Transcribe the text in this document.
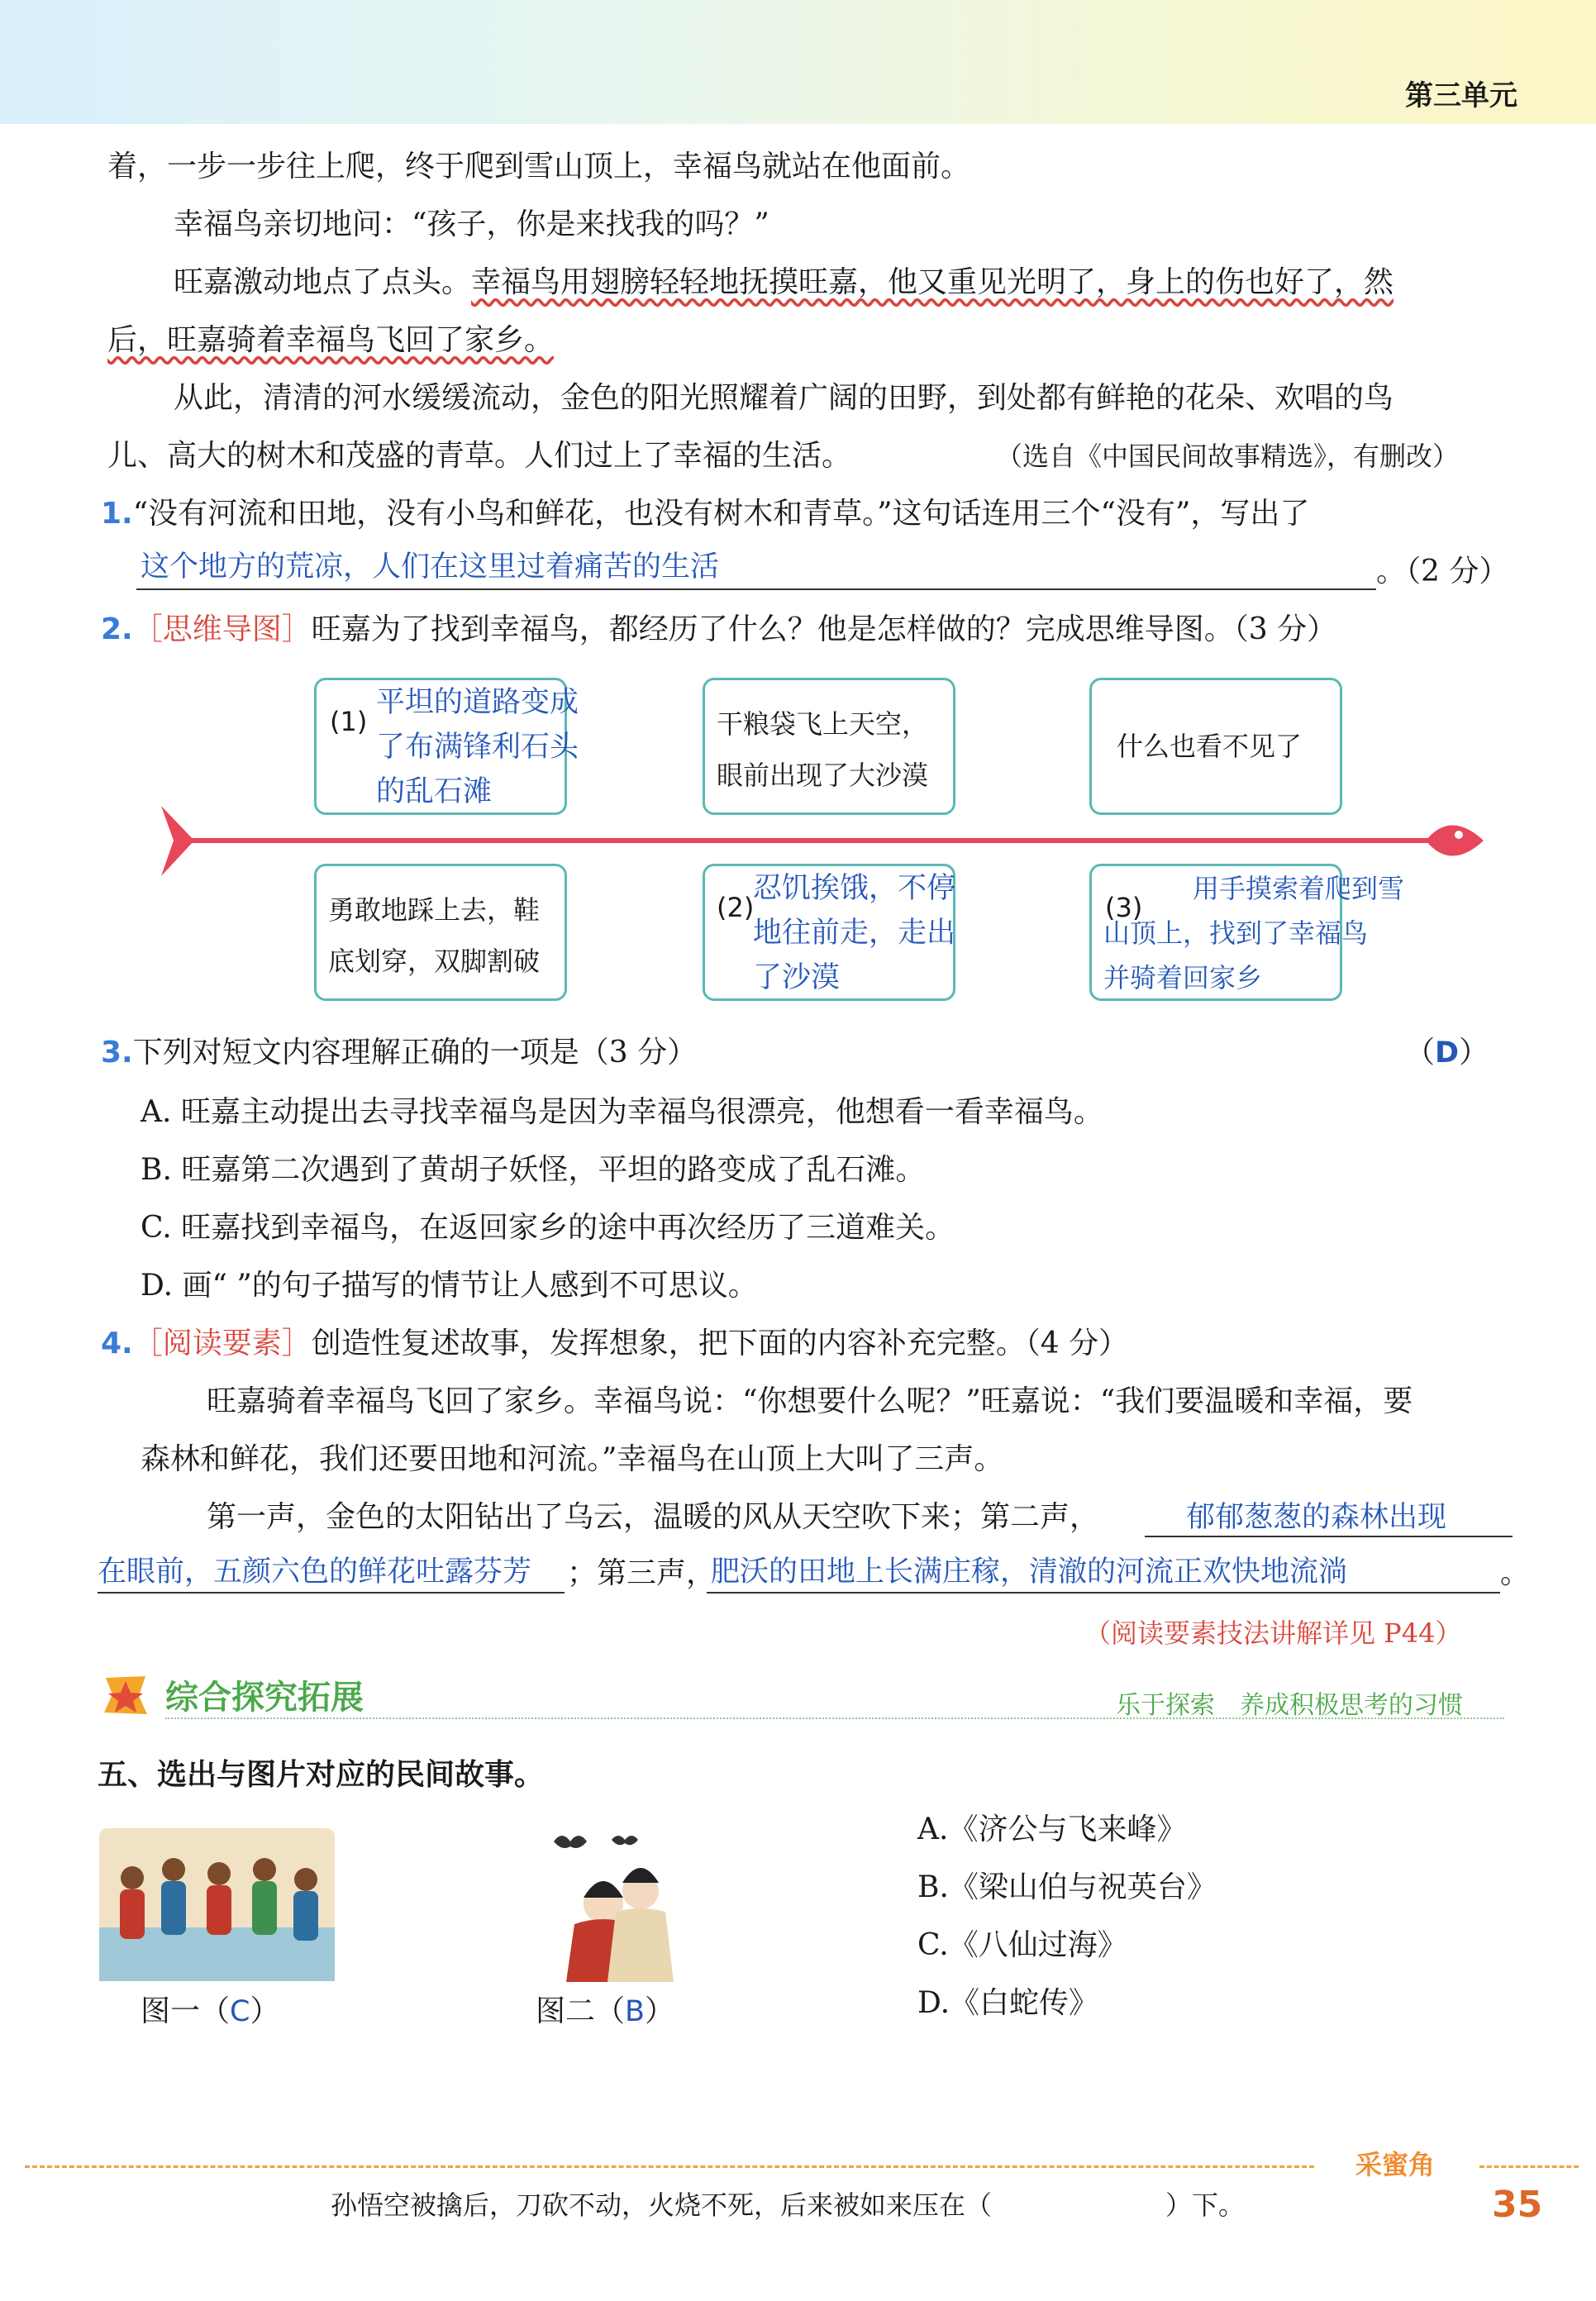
第三单元
着，一步一步往上爬，终于爬到雪山顶上，幸福鸟就站在他面前。
幸福鸟亲切地问：“孩子，你是来找我的吗？”
旺嘉激动地点了点头。幸福鸟用翅膀轻轻地抚摸旺嘉，他又重见光明了，身上的伤也好了，然
后，旺嘉骑着幸福鸟飞回了家乡。
从此，清清的河水缓缓流动，金色的阳光照耀着广阔的田野，到处都有鲜艳的花朵、欢唱的鸟
儿、高大的树木和茂盛的青草。人们过上了幸福的生活。	（选自《中国民间故事精选》，有删改）
1.“没有河流和田地，没有小鸟和鲜花，也没有树木和青草。”这句话连用三个“没有”，写出了
这个地方的荒凉，人们在这里过着痛苦的生活	。（2 分）
2.［思维导图］旺嘉为了找到幸福鸟，都经历了什么？他是怎样做的？完成思维导图。（3 分）
(1)
平坦的道路变成
了布满锋利石头
的乱石滩
干粮袋飞上天空，
眼前出现了大沙漠
什么也看不见了
勇敢地踩上去，鞋
底划穿，双脚割破
(2)
忍饥挨饿，不停
地往前走，走出
了沙漠
(3)
用手摸索着爬到雪
山顶上，找到了幸福鸟
并骑着回家乡
3.下列对短文内容理解正确的一项是（3 分）	（D）
A. 旺嘉主动提出去寻找幸福鸟是因为幸福鸟很漂亮，他想看一看幸福鸟。
B. 旺嘉第二次遇到了黄胡子妖怪，平坦的路变成了乱石滩。
C. 旺嘉找到幸福鸟，在返回家乡的途中再次经历了三道难关。
D. 画“ ”的句子描写的情节让人感到不可思议。
4.［阅读要素］创造性复述故事，发挥想象，把下面的内容补充完整。（4 分）
旺嘉骑着幸福鸟飞回了家乡。幸福鸟说：“你想要什么呢？”旺嘉说：“我们要温暖和幸福，要
森林和鲜花，我们还要田地和河流。”幸福鸟在山顶上大叫了三声。
第一声，金色的太阳钻出了乌云，温暖的风从天空吹下来；第二声，	郁郁葱葱的森林出现
在眼前，五颜六色的鲜花吐露芬芳 ；第三声，
肥沃的田地上长满庄稼，清澈的河流正欢快地流淌	。
（阅读要素技法讲解详见 P44）
综合探究拓展	乐于探索　养成积极思考的习惯
五、选出与图片对应的民间故事。
图一（C）	图二（B）
A.《济公与飞来峰》
B.《梁山伯与祝英台》
C.《八仙过海》
D.《白蛇传》
采蜜角
孙悟空被擒后，刀砍不动，火烧不死，后来被如来压在（	）下。	35
